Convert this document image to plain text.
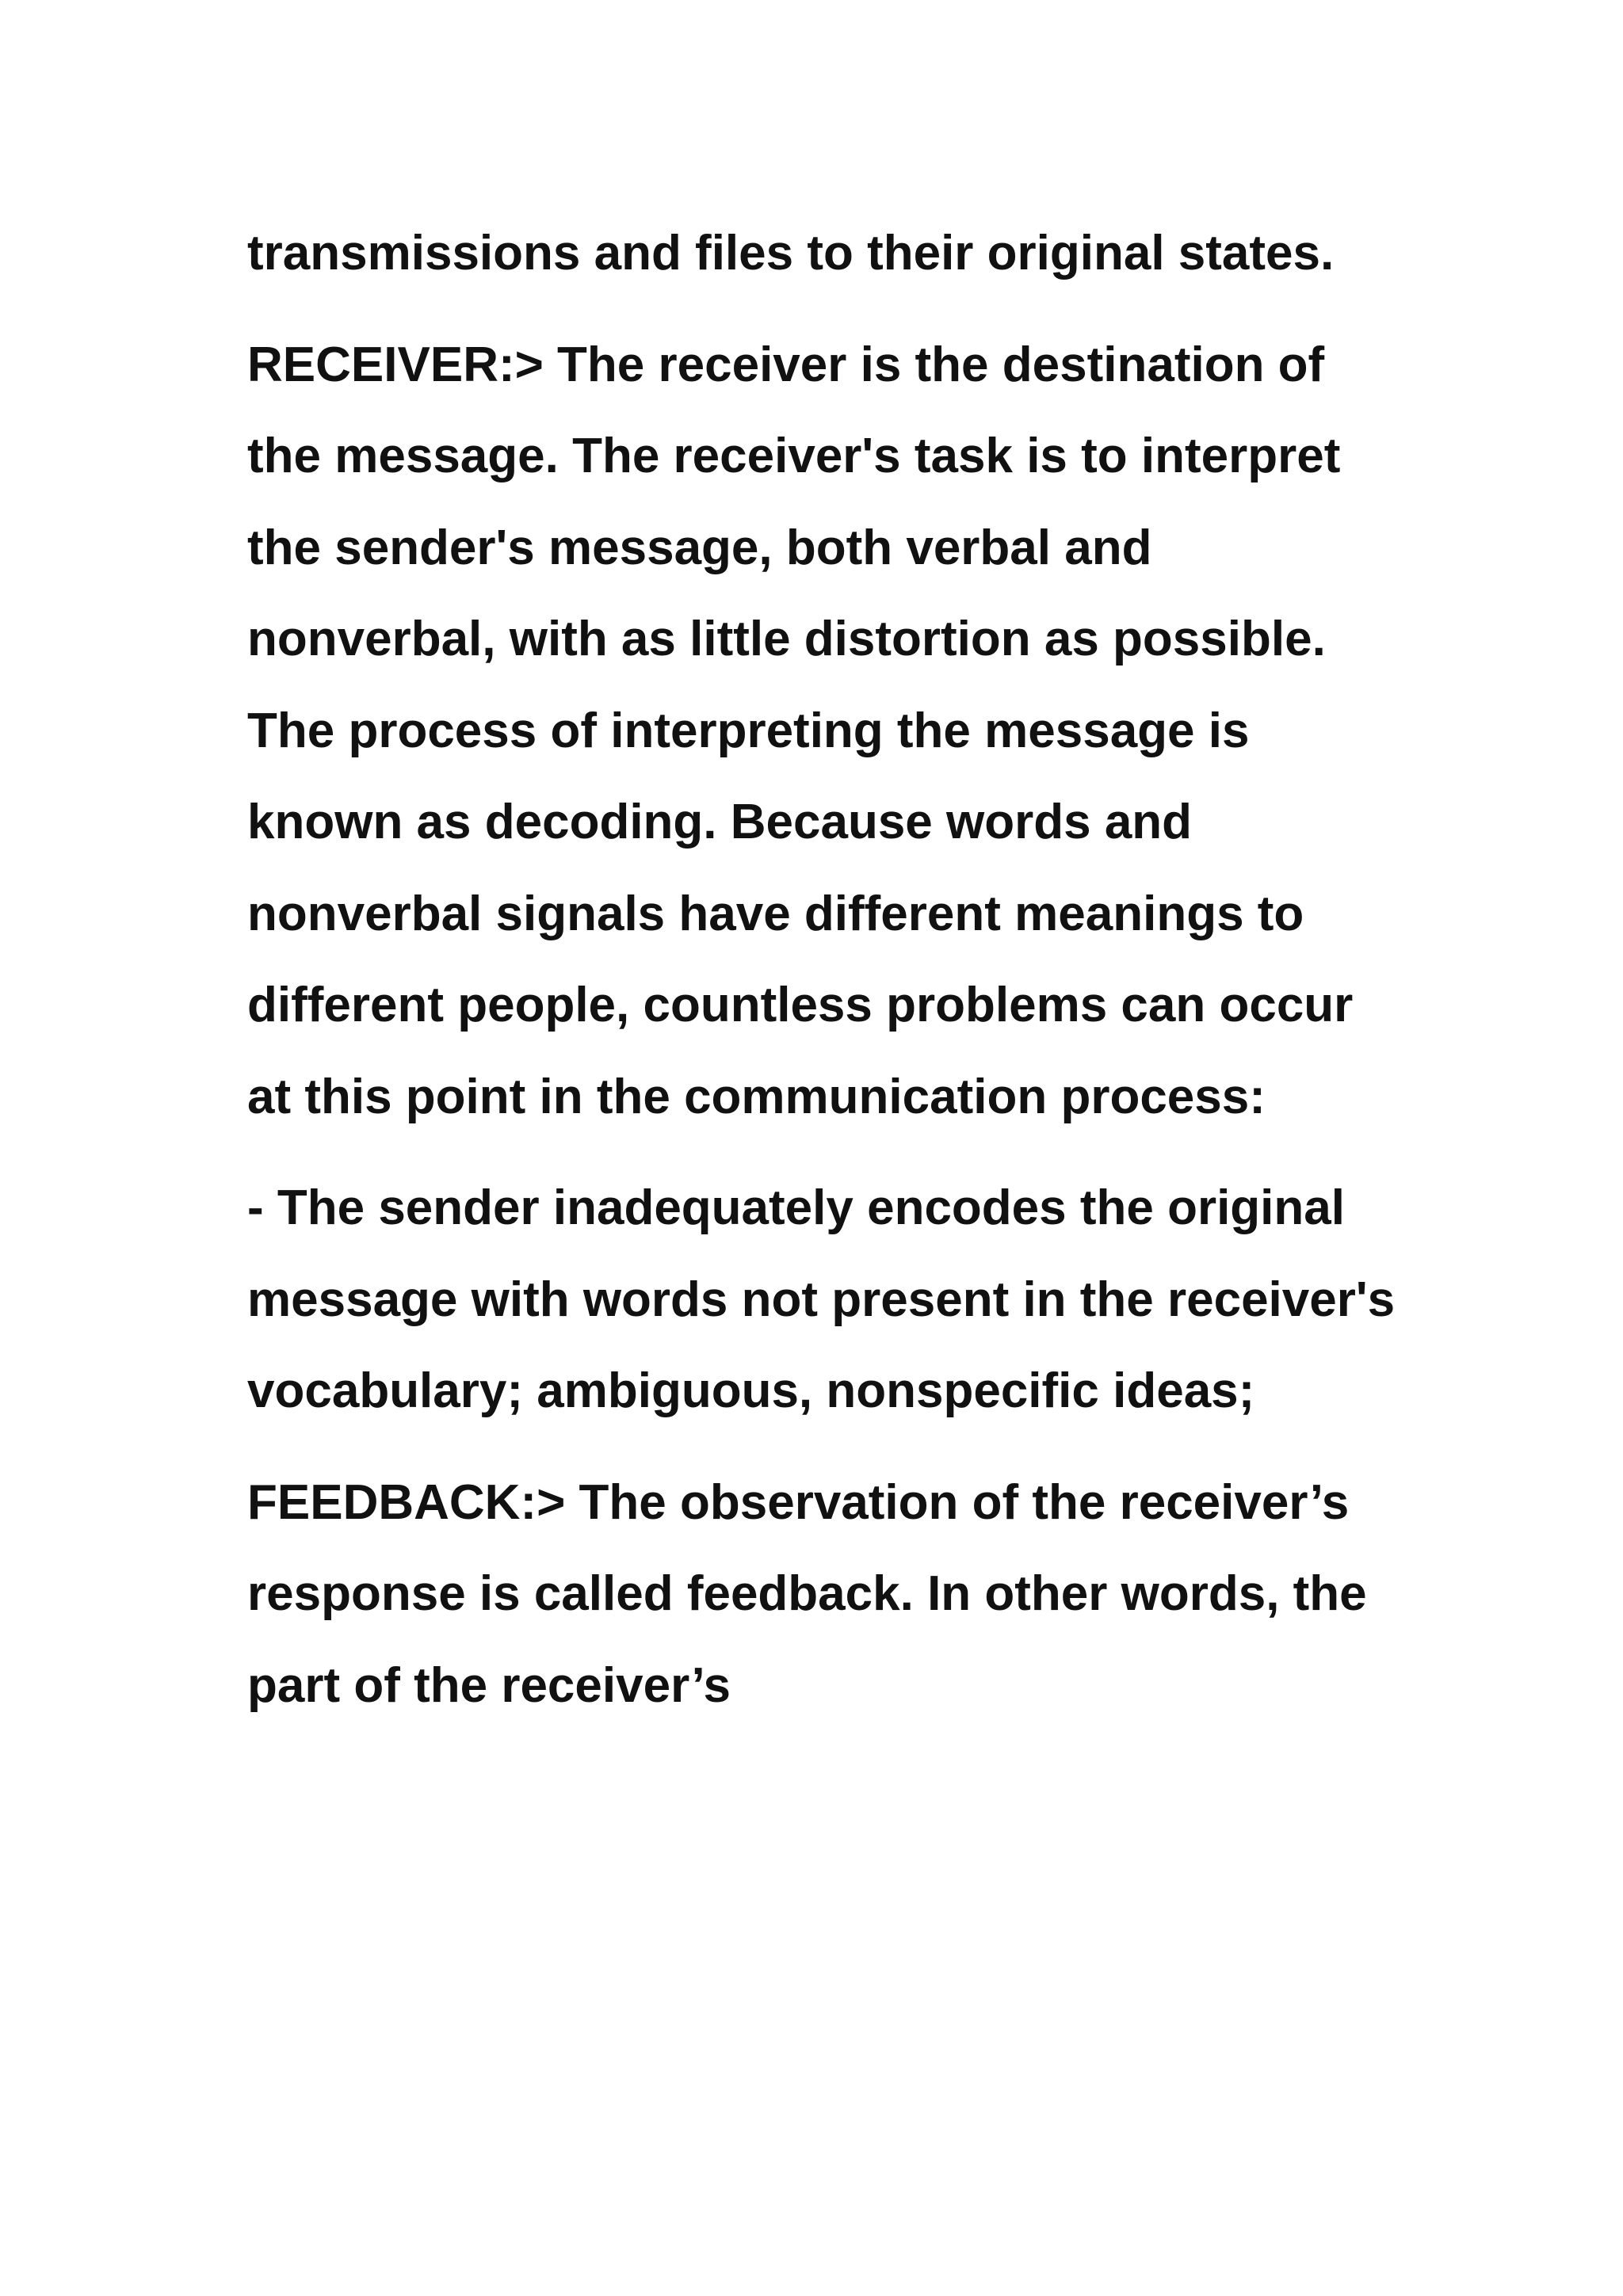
transmissions and files to their original states.

RECEIVER:> The receiver is the destination of the message. The receiver's task is to interpret the sender's message, both verbal and nonverbal, with as little distortion as possible. The process of interpreting the message is known as decoding. Because words and nonverbal signals have different meanings to different people, countless problems can occur at this point in the communication process:

- The sender inadequately encodes the original message with words not present in the receiver's vocabulary; ambiguous, nonspecific ideas;

FEEDBACK:> The observation of the receiver’s response is called feedback. In other words, the part of the receiver’s
